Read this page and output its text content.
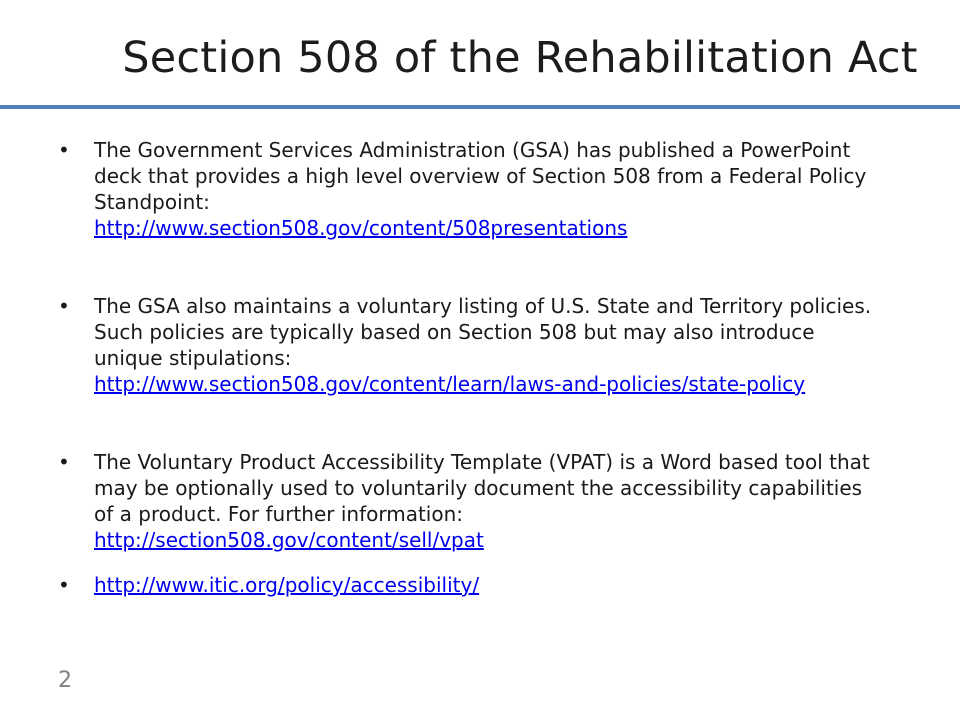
Section 508 of the Rehabilitation Act
•	The Government Services Administration (GSA) has published a PowerPoint deck that provides a high level overview of Section 508 from a Federal Policy Standpoint:
http://www.section508.gov/content/508presentations
•	The GSA also maintains a voluntary listing of U.S. State and Territory policies. Such policies are typically based on Section 508 but may also introduce unique stipulations:
http://www.section508.gov/content/learn/laws-and-policies/state-policy
•	The Voluntary Product Accessibility Template (VPAT) is a Word based tool that may be optionally used to voluntarily document the accessibility capabilities of a product. For further information:
http://section508.gov/content/sell/vpat
•	http://www.itic.org/policy/accessibility/
2
